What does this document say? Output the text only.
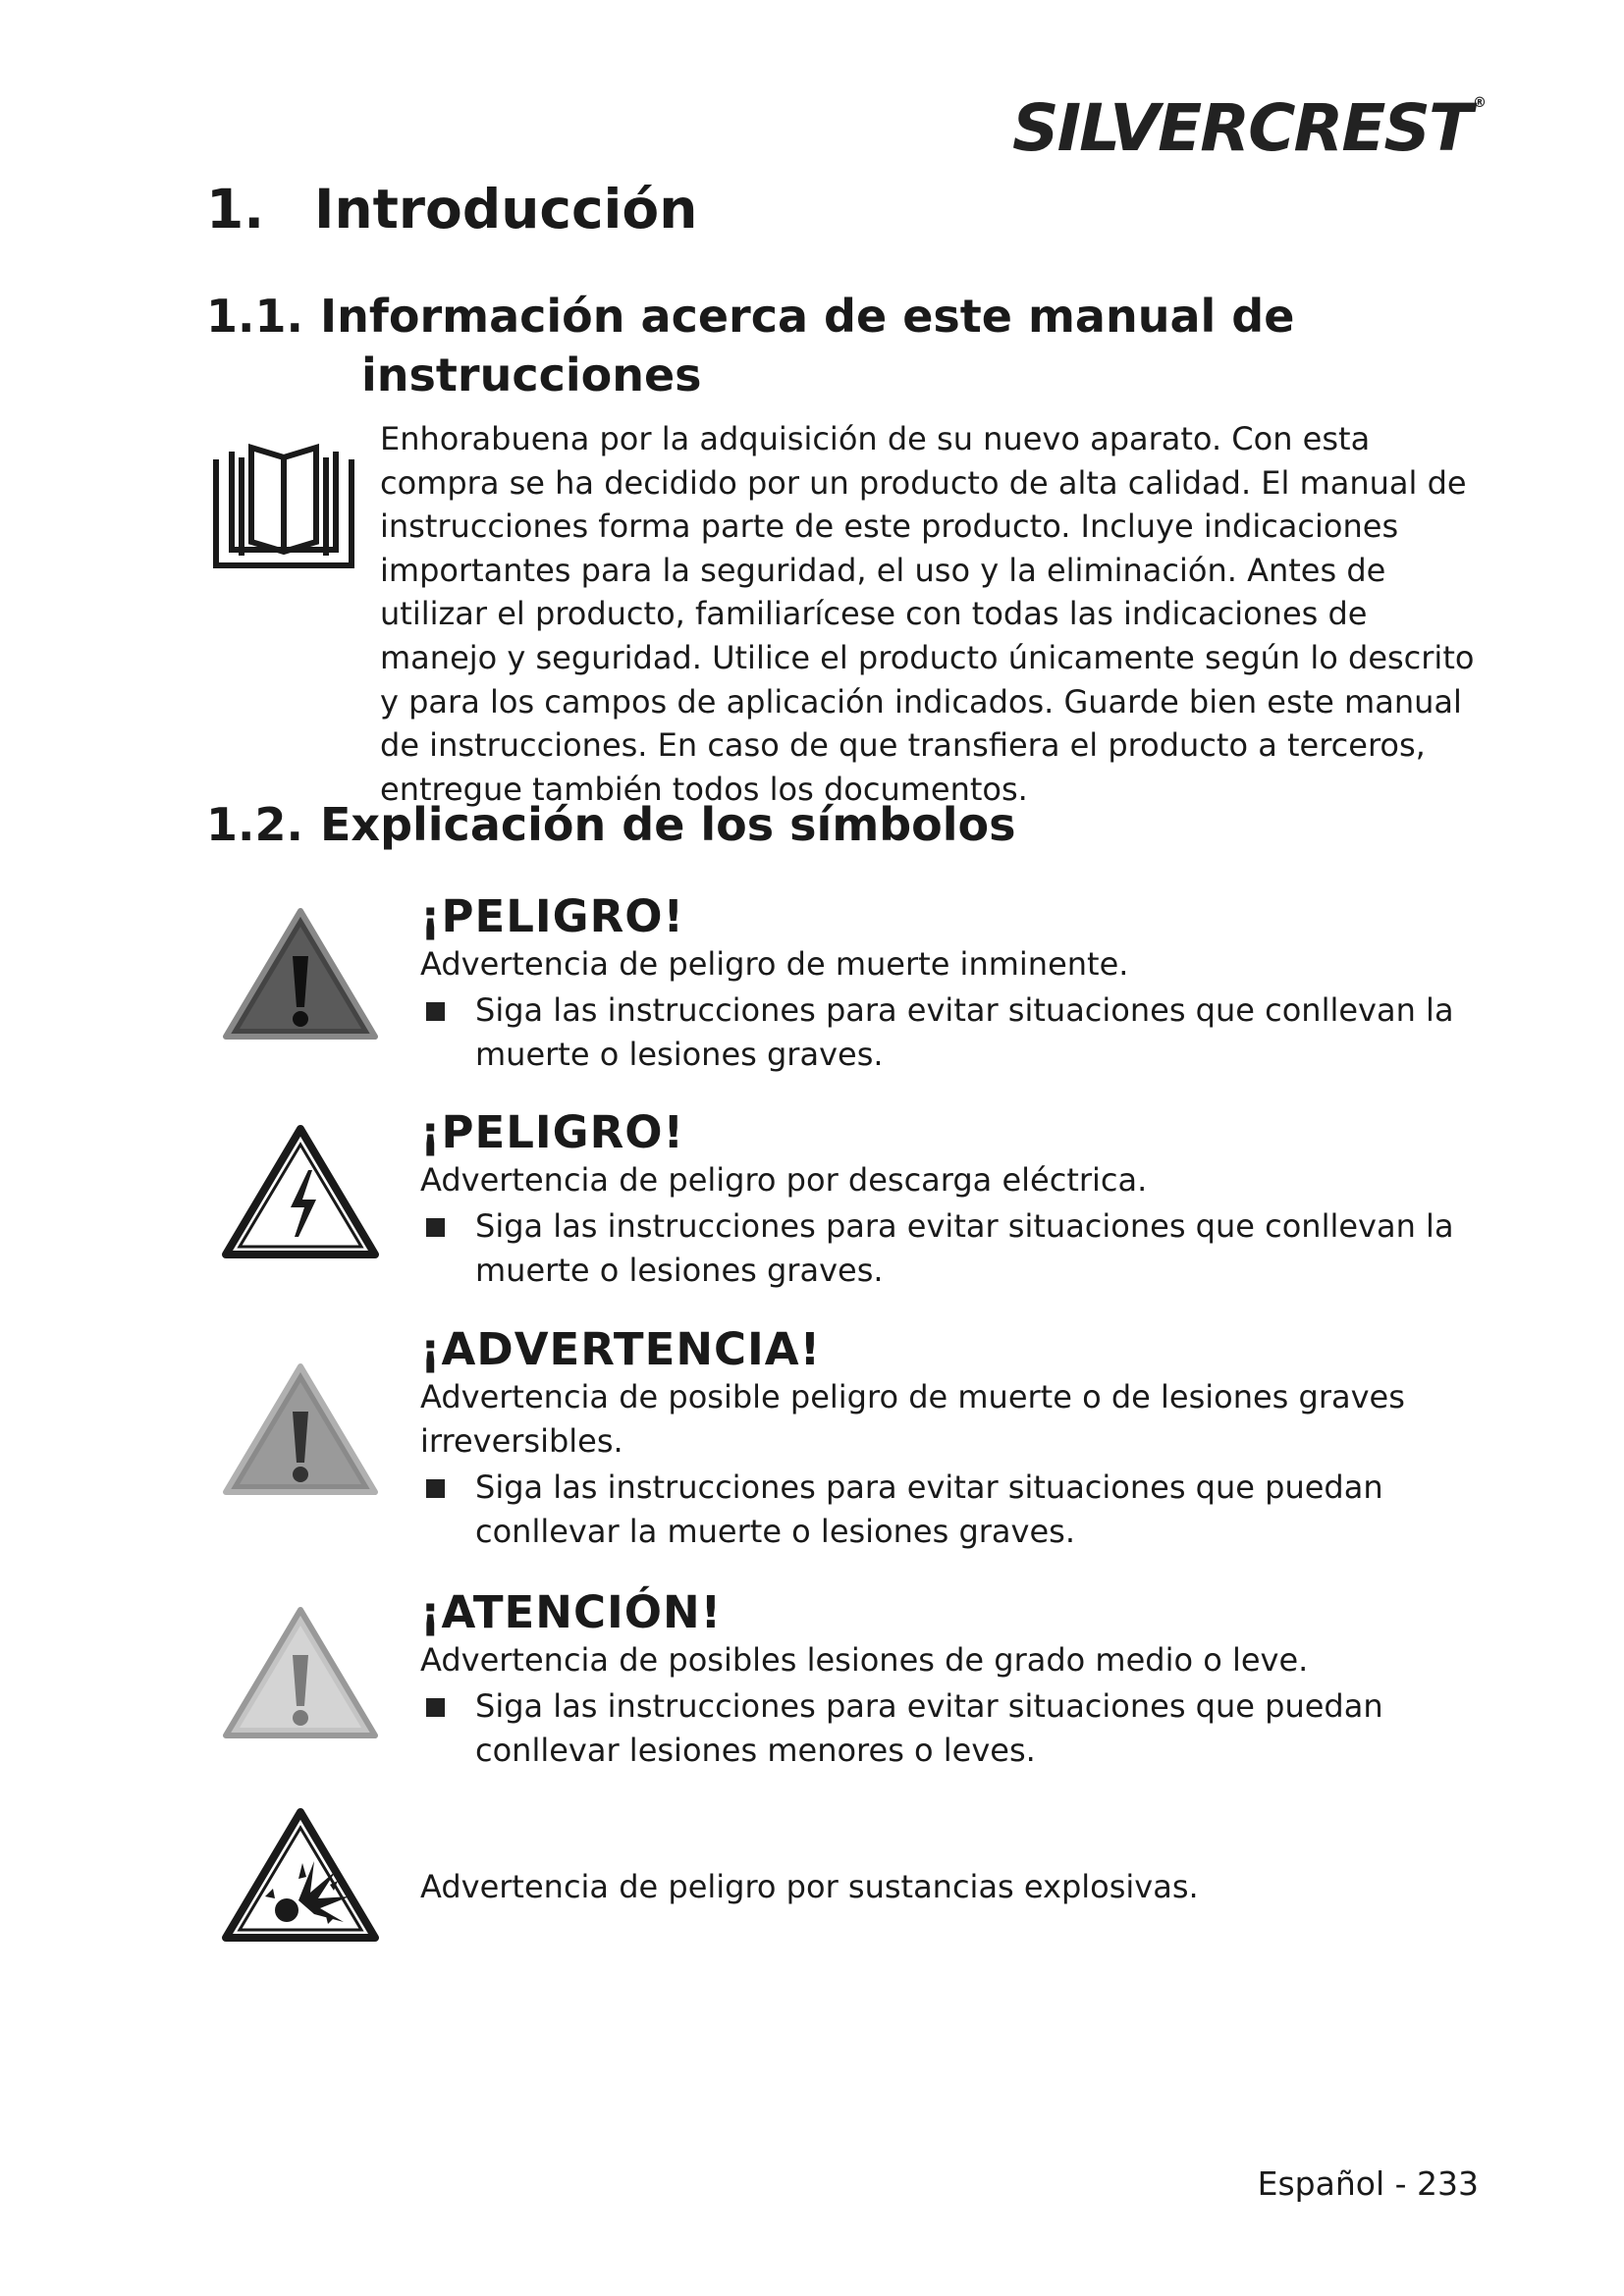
SILVERCREST ®
1. Introducción
1.1. Información acerca de este manual de
instrucciones

Enhorabuena por la adquisición de su nuevo aparato. Con esta compra se ha decidido por un producto de alta calidad. El manual de instrucciones forma parte de este producto. Incluye indicaciones importantes para la seguridad, el uso y la eliminación. Antes de utilizar el producto, familiarícese con todas las indicaciones de manejo y seguridad. Utilice el producto únicamente según lo descrito y para los campos de aplicación indicados. Guarde bien este manual de instrucciones. En caso de que transfiera el producto a terceros, entregue también todos los documentos.

1.2. Explicación de los símbolos

¡PELIGRO!

Advertencia de peligro de muerte inminente.

Siga las instrucciones para evitar situaciones que conllevan la muerte o lesiones graves.

¡PELIGRO!

Advertencia de peligro por descarga eléctrica.

Siga las instrucciones para evitar situaciones que conllevan la muerte o lesiones graves.

¡ADVERTENCIA!

Advertencia de posible peligro de muerte o de lesiones graves irreversibles.

Siga las instrucciones para evitar situaciones que puedan conllevar la muerte o lesiones graves.

¡ATENCIÓN!

Advertencia de posibles lesiones de grado medio o leve.

Siga las instrucciones para evitar situaciones que puedan conllevar lesiones menores o leves.

Advertencia de peligro por sustancias explosivas.

Español - 233
